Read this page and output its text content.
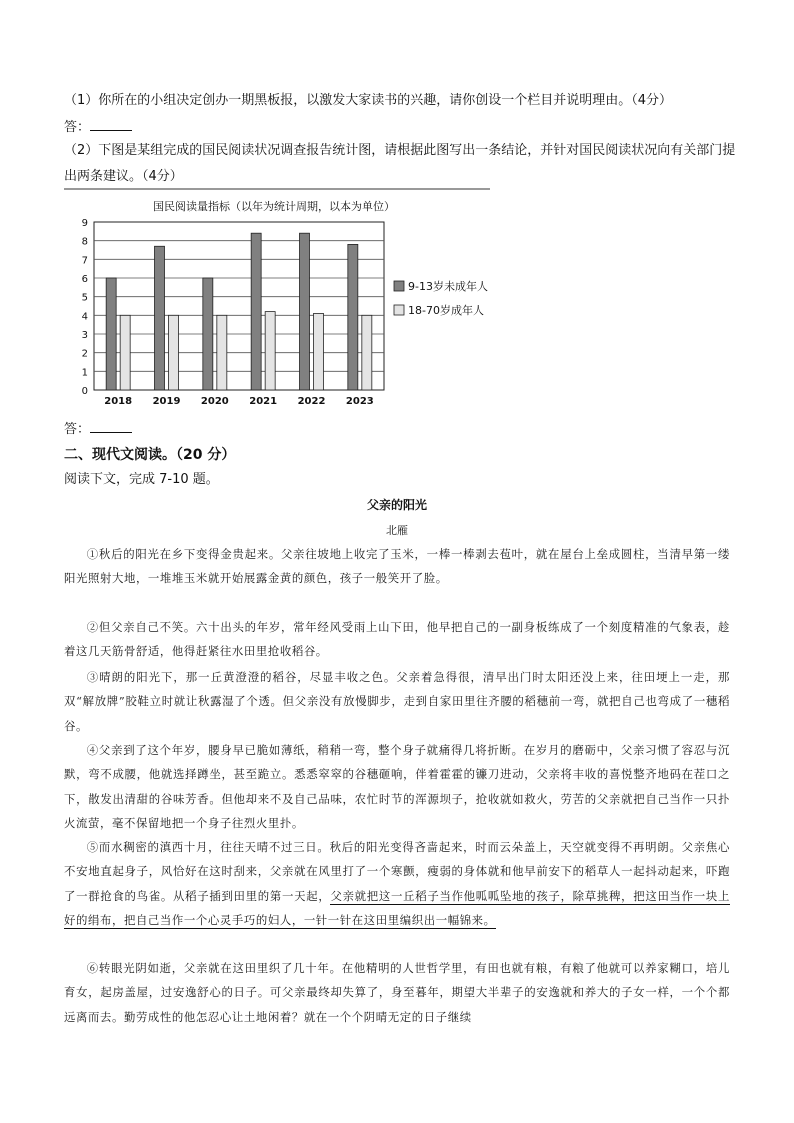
（1）你所在的小组决定创办一期黑板报，以激发大家读书的兴趣，请你创设一个栏目并说明理由。（4分）
答：
（2）下图是某组完成的国民阅读状况调查报告统计图，请根据此图写出一条结论，并针对国民阅读状况向有关部门提出两条建议。（4分）
国民阅读量指标（以年为统计周期，以本为单位）
0
1
2
3
4
5
6
7
8
9
2018 2019 2020 2021 2022 2023
9-13岁未成年人
18-70岁成年人
答：
二、现代文阅读。（20 分）
阅读下文，完成 7-10 题。
父亲的阳光
北雁
①秋后的阳光在乡下变得金贵起来。父亲往坡地上收完了玉米，一棒一棒剥去苞叶，就在屋台上垒成圆柱，当清早第一缕阳光照射大地，一堆堆玉米就开始展露金黄的颜色，孩子一般笑开了脸。
②但父亲自己不笑。六十出头的年岁，常年经风受雨上山下田，他早把自己的一副身板练成了一个刻度精准的气象表，趁着这几天筋骨舒适，他得赶紧往水田里抢收稻谷。
③晴朗的阳光下，那一丘黄澄澄的稻谷，尽显丰收之色。父亲着急得很，清早出门时太阳还没上来，往田埂上一走，那双“解放牌”胶鞋立时就让秋露湿了个透。但父亲没有放慢脚步，走到自家田里往齐腰的稻穗前一弯，就把自己也弯成了一穗稻谷。
④父亲到了这个年岁，腰身早已脆如薄纸，稍稍一弯，整个身子就痛得几将折断。在岁月的磨砺中，父亲习惯了容忍与沉默，弯不成腰，他就选择蹲坐，甚至跪立。悉悉窣窣的谷穗砸响，伴着霍霍的镰刀进动，父亲将丰收的喜悦整齐地码在茬口之下，散发出清甜的谷味芳香。但他却来不及自己品味，农忙时节的浑源坝子，抢收就如救火，劳苦的父亲就把自己当作一只扑火流萤，毫不保留地把一个身子往烈火里扑。
⑤而水稠密的滇西十月，往往天晴不过三日。秋后的阳光变得吝啬起来，时而云朵盖上，天空就变得不再明朗。父亲焦心不安地直起身子，风恰好在这时刮来，父亲就在风里打了一个寒颤，瘦弱的身体就和他早前安下的稻草人一起抖动起来，吓跑了一群抢食的鸟雀。从稻子插到田里的第一天起，父亲就把这一丘稻子当作他呱呱坠地的孩子，除草挑稗，把这田当作一块上好的绢布，把自己当作一个心灵手巧的妇人，一针一针在这田里编织出一幅锦来。
⑥转眼光阴如逝，父亲就在这田里织了几十年。在他精明的人世哲学里，有田也就有粮，有粮了他就可以养家糊口，培儿育女，起房盖屋，过安逸舒心的日子。可父亲最终却失算了，身至暮年，期望大半辈子的安逸就和养大的子女一样，一个个都远离而去。勤劳成性的他怎忍心让土地闲着？就在一个个阴晴无定的日子继续
